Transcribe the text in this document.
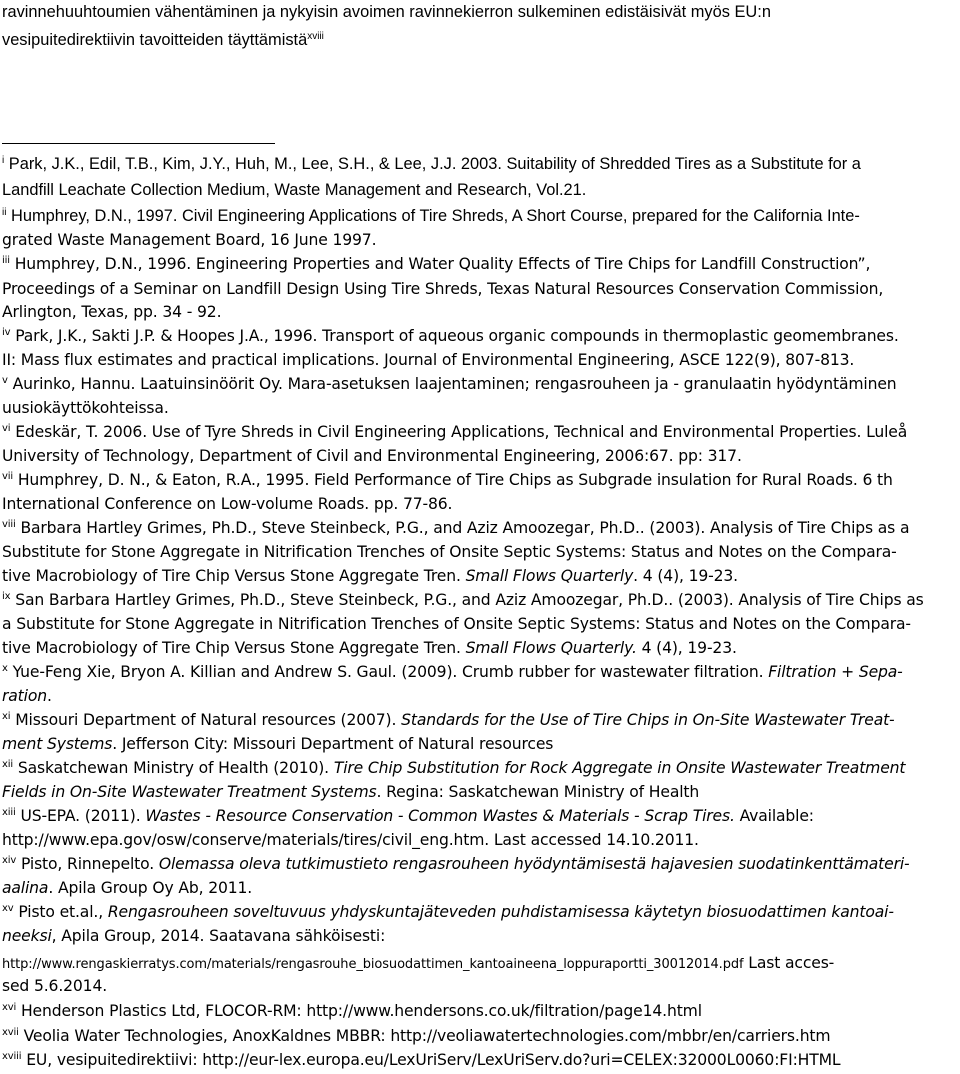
ravinnehuuhtoumien vähentäminen ja nykyisin avoimen ravinnekierron sulkeminen edistäisivät myös EU:n
vesipuitedirektiivin tavoitteiden täyttämistä$^{xviii}$
$^i$ Park, J.K., Edil, T.B., Kim, J.Y., Huh, M., Lee, S.H., & Lee, J.J. 2003. Suitability of Shredded Tires as a Substitute for a
Landfill Leachate Collection Medium, Waste Management and Research, Vol.21.
$^{ii}$ Humphrey, D.N., 1997. Civil Engineering Applications of Tire Shreds, A Short Course, prepared for the California Inte-
grated Waste Management Board, 16 June 1997.
$^{iii}$ Humphrey, D.N., 1996. Engineering Properties and Water Quality Effects of Tire Chips for Landfill Construction”,
Proceedings of a Seminar on Landfill Design Using Tire Shreds, Texas Natural Resources Conservation Commission,
Arlington, Texas, pp. 34 - 92.
$^{iv}$ Park, J.K., Sakti J.P. & Hoopes J.A., 1996. Transport of aqueous organic compounds in thermoplastic geomembranes.
II: Mass flux estimates and practical implications. Journal of Environmental Engineering, ASCE 122(9), 807-813.
$^v$ Aurinko, Hannu. Laatuinsinöörit Oy. Mara-asetuksen laajentaminen; rengasrouheen ja - granulaatin hyödyntäminen
uusiokäyttökohteissa.
$^{vi}$ Edeskär, T. 2006. Use of Tyre Shreds in Civil Engineering Applications, Technical and Environmental Properties. Luleå
University of Technology, Department of Civil and Environmental Engineering, 2006:67. pp: 317.
$^{vii}$ Humphrey, D. N., & Eaton, R.A., 1995. Field Performance of Tire Chips as Subgrade insulation for Rural Roads. 6 th
International Conference on Low-volume Roads. pp. 77-86.
$^{viii}$ Barbara Hartley Grimes, Ph.D., Steve Steinbeck, P.G., and Aziz Amoozegar, Ph.D.. (2003). Analysis of Tire Chips as a
Substitute for Stone Aggregate in Nitrification Trenches of Onsite Septic Systems: Status and Notes on the Compara-
tive Macrobiology of Tire Chip Versus Stone Aggregate Tren. Small Flows Quarterly. 4 (4), 19-23.
$^{ix}$ San Barbara Hartley Grimes, Ph.D., Steve Steinbeck, P.G., and Aziz Amoozegar, Ph.D.. (2003). Analysis of Tire Chips as
a Substitute for Stone Aggregate in Nitrification Trenches of Onsite Septic Systems: Status and Notes on the Compara-
tive Macrobiology of Tire Chip Versus Stone Aggregate Tren. Small Flows Quarterly. 4 (4), 19-23.
$^x$ Yue-Feng Xie, Bryon A. Killian and Andrew S. Gaul. (2009). Crumb rubber for wastewater filtration. Filtration + Sepa-
ration.
$^{xi}$ Missouri Department of Natural resources (2007). Standards for the Use of Tire Chips in On-Site Wastewater Treat-
ment Systems. Jefferson City: Missouri Department of Natural resources
$^{xii}$ Saskatchewan Ministry of Health (2010). Tire Chip Substitution for Rock Aggregate in Onsite Wastewater Treatment
Fields in On-Site Wastewater Treatment Systems. Regina: Saskatchewan Ministry of Health
$^{xiii}$ US-EPA. (2011). Wastes - Resource Conservation - Common Wastes & Materials - Scrap Tires. Available:
http://www.epa.gov/osw/conserve/materials/tires/civil_eng.htm. Last accessed 14.10.2011.
$^{xiv}$ Pisto, Rinnepelto. Olemassa oleva tutkimustieto rengasrouheen hyödyntämisestä hajavesien suodatinkenttämateri-
aalina. Apila Group Oy Ab, 2011.
$^{xv}$ Pisto et.al., Rengasrouheen soveltuvuus yhdyskuntajäteveden puhdistamisessa käytetyn biosuodattimen kantoai-
neeksi, Apila Group, 2014. Saatavana sähköisesti:
http://www.rengaskierratys.com/materials/rengasrouhe_biosuodattimen_kantoaineena_loppuraportti_30012014.pdf Last acces-
sed 5.6.2014.
$^{xvi}$ Henderson Plastics Ltd, FLOCOR-RM: http://www.hendersons.co.uk/filtration/page14.html
$^{xvii}$ Veolia Water Technologies, AnoxKaldnes MBBR: http://veoliawatertechnologies.com/mbbr/en/carriers.htm
$^{xviii}$ EU, vesipuitedirektiivi: http://eur-lex.europa.eu/LexUriServ/LexUriServ.do?uri=CELEX:32000L0060:FI:HTML
